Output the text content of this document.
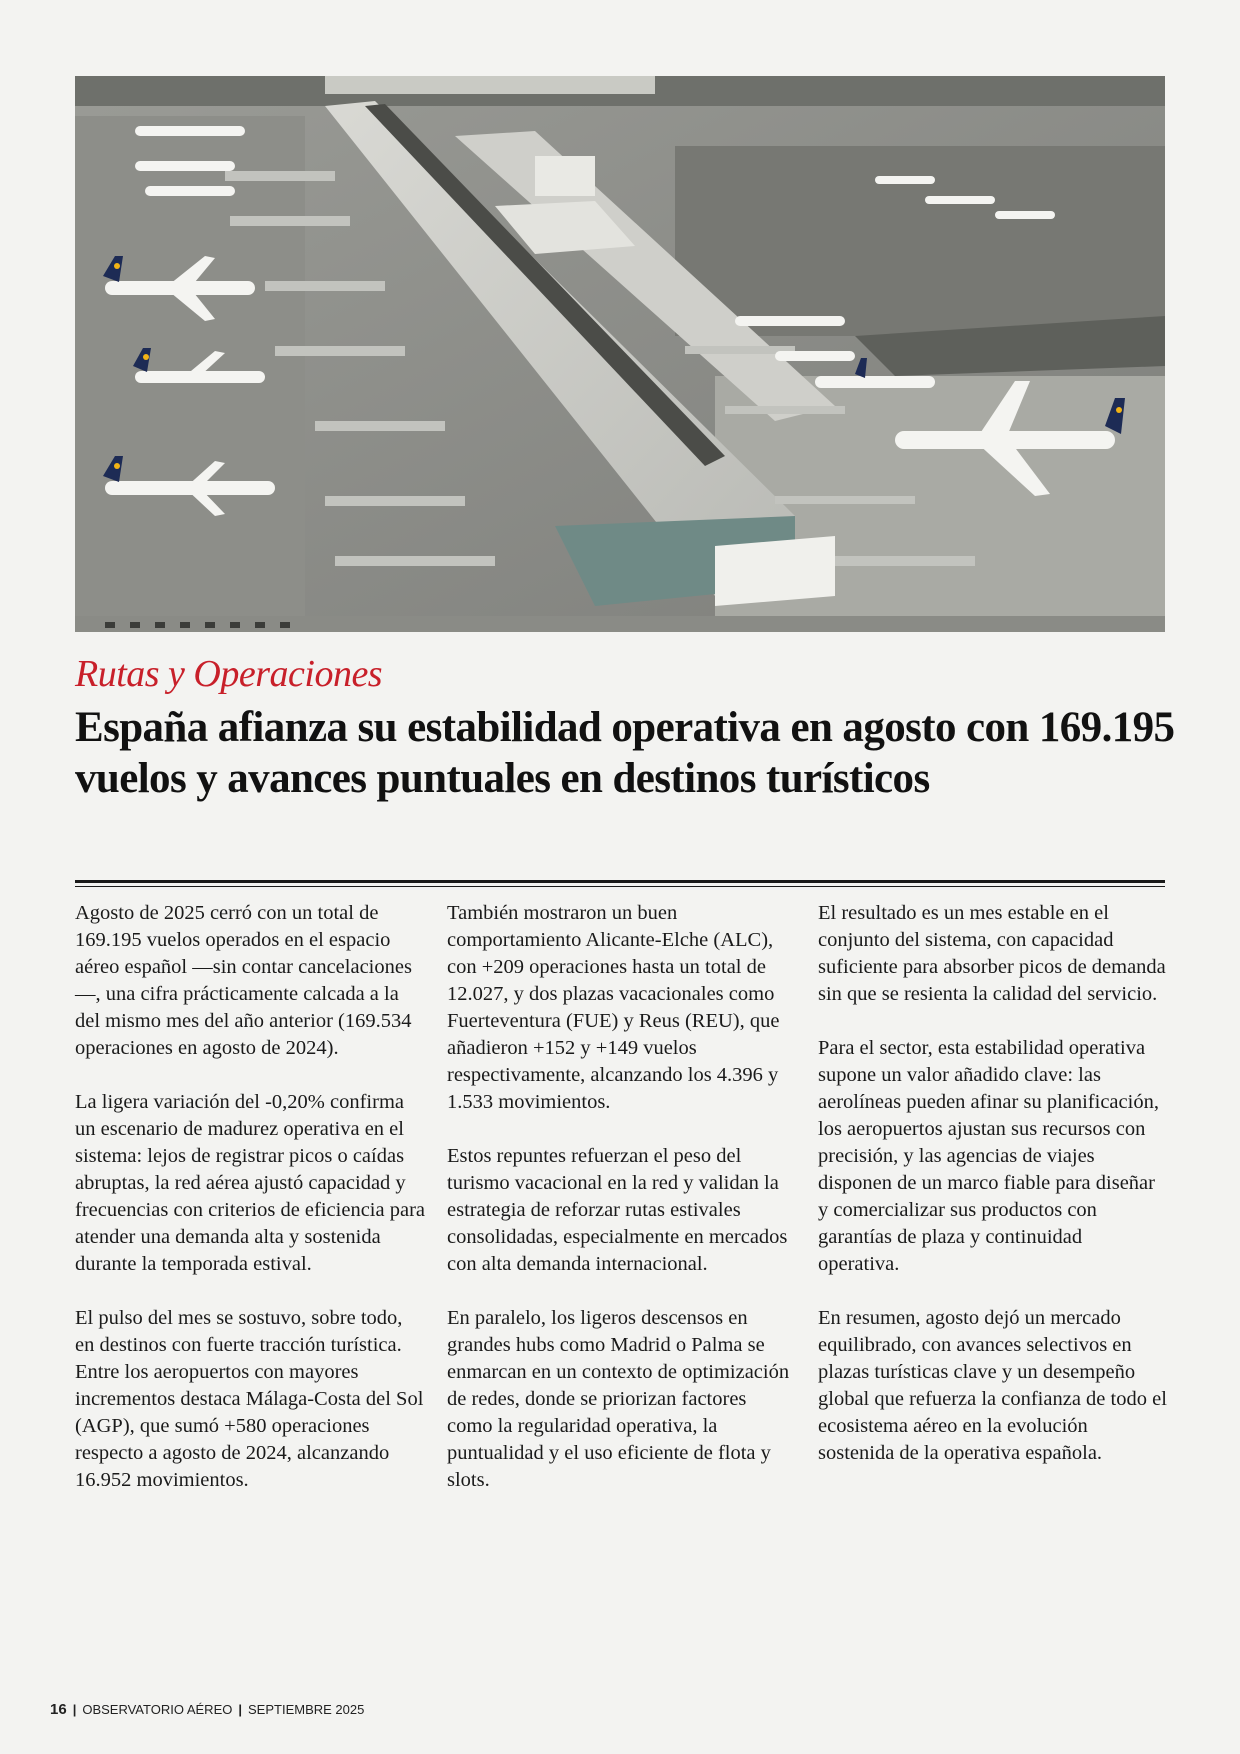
Rutas y Operaciones
España afianza su estabilidad operativa en agosto con 169.195 vuelos y avances puntuales en destinos turísticos

Agosto de 2025 cerró con un total de 169.195 vuelos operados en el espacio aéreo español —sin contar cancelaciones—, una cifra prácticamente calcada a la del mismo mes del año anterior (169.534 operaciones en agosto de 2024).

La ligera variación del -0,20% confirma un escenario de madurez operativa en el sistema: lejos de registrar picos o caídas abruptas, la red aérea ajustó capacidad y frecuencias con criterios de eficiencia para atender una demanda alta y sostenida durante la temporada estival.

El pulso del mes se sostuvo, sobre todo, en destinos con fuerte tracción turística. Entre los aeropuertos con mayores incrementos destaca Málaga-Costa del Sol (AGP), que sumó +580 operaciones respecto a agosto de 2024, alcanzando 16.952 movimientos.

También mostraron un buen comportamiento Alicante-Elche (ALC), con +209 operaciones hasta un total de 12.027, y dos plazas vacacionales como Fuerteventura (FUE) y Reus (REU), que añadieron +152 y +149 vuelos respectivamente, alcanzando los 4.396 y 1.533 movimientos.

Estos repuntes refuerzan el peso del turismo vacacional en la red y validan la estrategia de reforzar rutas estivales consolidadas, especialmente en mercados con alta demanda internacional.

En paralelo, los ligeros descensos en grandes hubs como Madrid o Palma se enmarcan en un contexto de optimización de redes, donde se priorizan factores como la regularidad operativa, la puntualidad y el uso eficiente de flota y slots.

El resultado es un mes estable en el conjunto del sistema, con capacidad suficiente para absorber picos de demanda sin que se resienta la calidad del servicio.

Para el sector, esta estabilidad operativa supone un valor añadido clave: las aerolíneas pueden afinar su planificación, los aeropuertos ajustan sus recursos con precisión, y las agencias de viajes disponen de un marco fiable para diseñar y comercializar sus productos con garantías de plaza y continuidad operativa.

En resumen, agosto dejó un mercado equilibrado, con avances selectivos en plazas turísticas clave y un desempeño global que refuerza la confianza de todo el ecosistema aéreo en la evolución sostenida de la operativa española.

16 | OBSERVATORIO AÉREO | SEPTIEMBRE 2025
